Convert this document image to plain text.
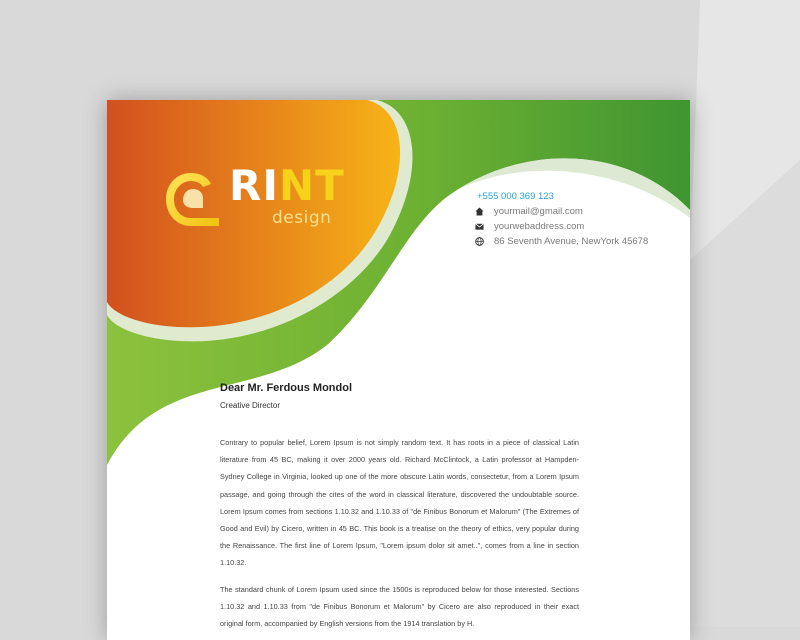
RINT
design
+555 000 369 123
yourmail@gmail.com
yourwebaddress.com
86 Seventh Avenue, NewYork 45678

Dear Mr. Ferdous Mondol

Creative Director

Contrary to popular belief, Lorem Ipsum is not simply random text. It has roots in a piece of classical Latin literature from 45 BC, making it over 2000 years old. Richard McClintock, a Latin professor at Hampden-Sydney College in Virginia, looked up one of the more obscure Latin words, consectetur, from a Lorem Ipsum passage, and going through the cites of the word in classical literature, discovered the undoubtable source. Lorem Ipsum comes from sections 1.10.32 and 1.10.33 of "de Finibus Bonorum et Malorum" (The Extremes of Good and Evil) by Cicero, written in 45 BC. This book is a treatise on the theory of ethics, very popular during the Renaissance. The first line of Lorem Ipsum, "Lorem ipsum dolor sit amet..", comes from a line in section 1.10.32.

The standard chunk of Lorem Ipsum used since the 1500s is reproduced below for those interested. Sections 1.10.32 and 1.10.33 from "de Finibus Bonorum et Malorum" by Cicero are also reproduced in their exact original form, accompanied by English versions from the 1914 translation by H.
